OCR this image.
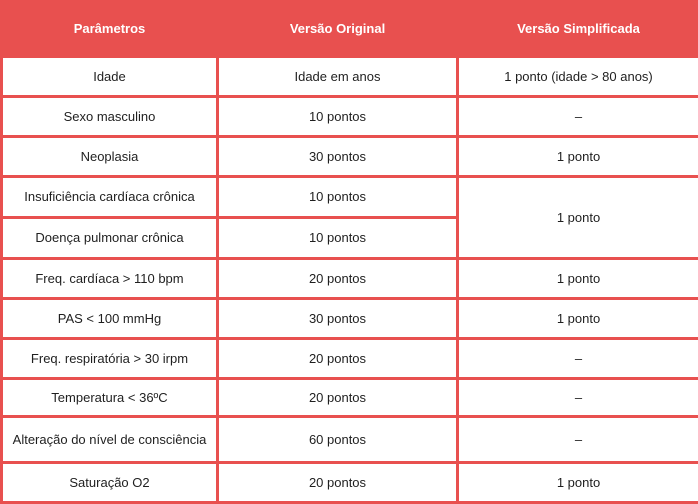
Parâmetros	Versão Original	Versão Simplificada
Idade	Idade em anos	1 ponto (idade > 80 anos)
Sexo masculino	10 pontos	–
Neoplasia	30 pontos	1 ponto
Insuficiência cardíaca crônica	10 pontos	1 ponto
Doença pulmonar crônica	10 pontos	
Freq. cardíaca > 110 bpm	20 pontos	1 ponto
PAS < 100 mmHg	30 pontos	1 ponto
Freq. respiratória > 30 irpm	20 pontos	–
Temperatura < 36ºC	20 pontos	–
Alteração do nível de consciência	60 pontos	–
Saturação O2	20 pontos	1 ponto
